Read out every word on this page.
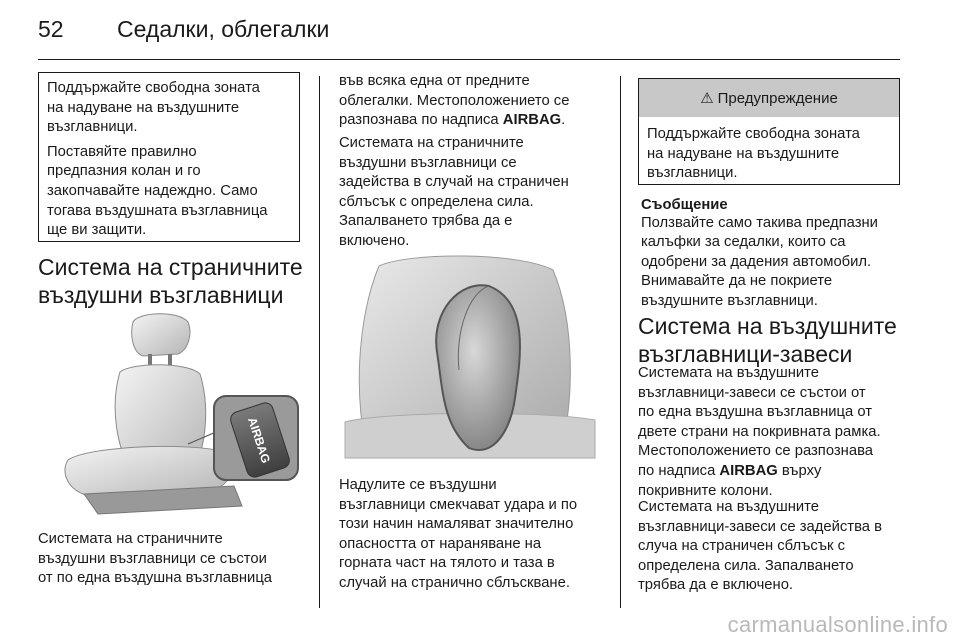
52 Седалки, облегалки

Поддържайте свободна зоната
на надуване на въздушните
възглавници.

Поставяйте правилно
предпазния колан и го
закопчавайте надеждно. Само
тогава въздушната възглавница
ще ви защити.

Система на страничните
въздушни възглавници

AIRBAG

Системата на страничните
въздушни възглавници се състои
от по една въздушна възглавница

във всяка една от предните
облегалки. Местоположението се
разпознава по надписа AIRBAG.

Системата на страничните
въздушни възглавници се
задейства в случай на страничен
сблъсък с определена сила.
Запалването трябва да е
включено.

Надулите се въздушни
възглавници смекчават удара и по
този начин намаляват значително
опасността от нараняване на
горната част на тялото и таза в
случай на странично сблъскване.

⚠ Предупреждение

Поддържайте свободна зоната
на надуване на въздушните
възглавници.

Съобщение

Ползвайте само такива предпазни
калъфки за седалки, които са
одобрени за дадения автомобил.
Внимавайте да не покриете
въздушните възглавници.

Система на въздушните
възглавници-завеси

Системата на въздушните
възглавници-завеси се състои от
по една въздушна възглавница от
двете страни на покривната рамка.
Местоположението се разпознава
по надписа AIRBAG върху
покривните колони.

Системата на въздушните
възглавници-завеси се задейства в
случа на страничен сблъсък с
определена сила. Запалването
трябва да е включено.

carmanualsonline.info
